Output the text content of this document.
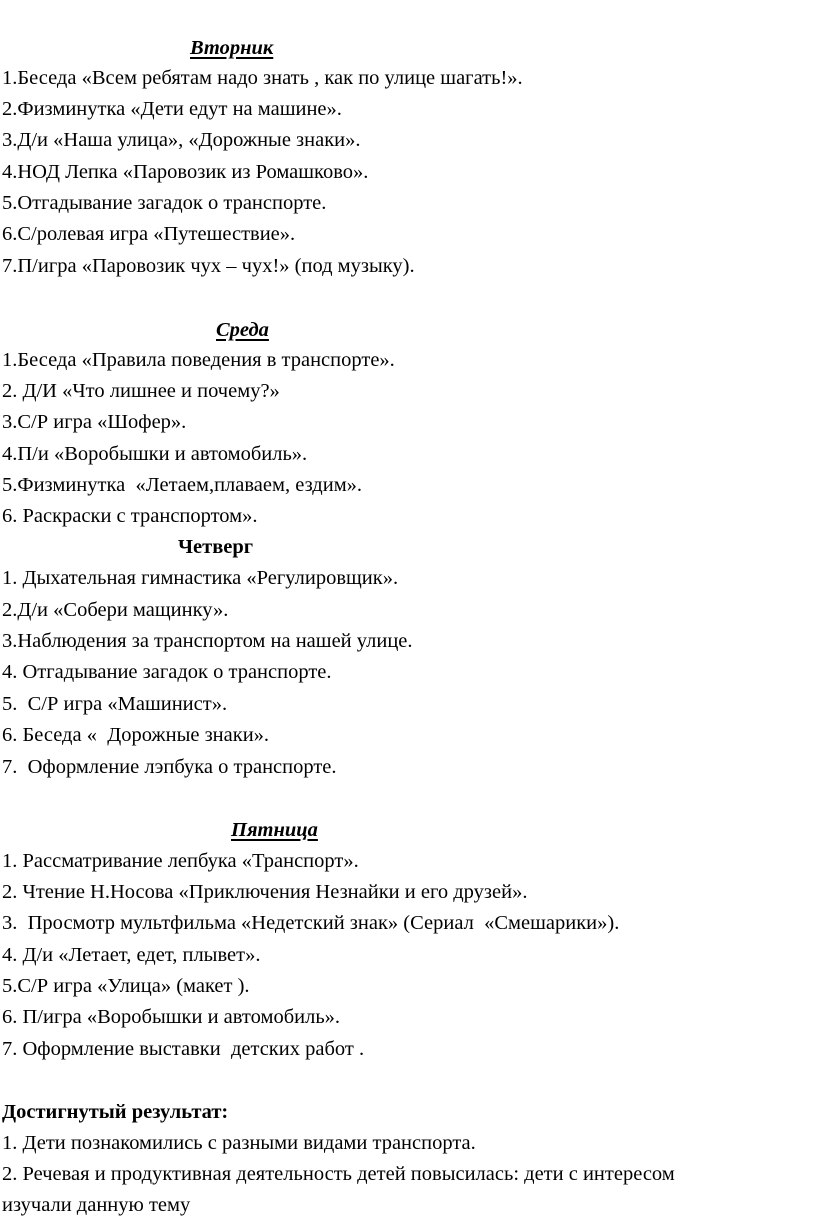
Вторник
1.Беседа «Всем ребятам надо знать , как по улице шагать!».
2.Физминутка «Дети едут на машине».
3.Д/и «Наша улица», «Дорожные знаки».
4.НОД Лепка «Паровозик из Ромашково».
5.Отгадывание загадок о транспорте.
6.С/ролевая игра «Путешествие».
7.П/игра «Паровозик чух – чух!» (под музыку).
Среда
1.Беседа «Правила поведения в транспорте».
2. Д/И «Что лишнее и почему?»
3.С/Р игра «Шофер».
4.П/и «Воробышки и автомобиль».
5.Физминутка  «Летаем,плаваем, ездим».
6. Раскраски с транспортом».
Четверг
1. Дыхательная гимнастика «Регулировщик».
2.Д/и «Собери мащинку».
3.Наблюдения за транспортом на нашей улице.
4. Отгадывание загадок о транспорте.
5.  С/Р игра «Машинист».
6. Беседа «  Дорожные знаки».
7.  Оформление лэпбука о транспорте.
Пятница
1. Рассматривание лепбука «Транспорт».
2. Чтение Н.Носова «Приключения Незнайки и его друзей».
3.  Просмотр мультфильма «Недетский знак» (Сериал  «Смешарики»).
4. Д/и «Летает, едет, плывет».
5.С/Р игра «Улица» (макет ).
6. П/игра «Воробышки и автомобиль».
7. Оформление выставки  детских работ .
Достигнутый результат:
1. Дети познакомились с разными видами транспорта.
2. Речевая и продуктивная деятельность детей повысилась: дети с интересом
изучали данную тему
